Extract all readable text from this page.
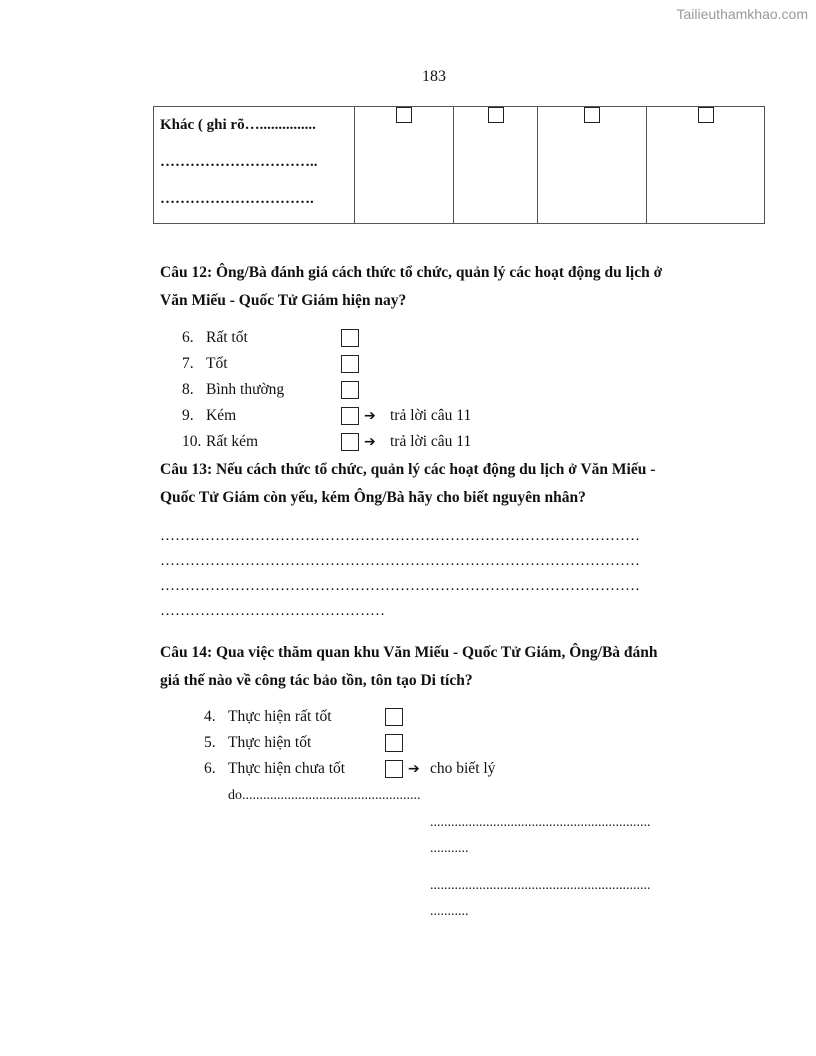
Tailieuthamkhao.com
183
Khác ( ghi rõ…...............
…………………………..
………………………….

Câu 12: Ông/Bà đánh giá cách thức tổ chức, quản lý các hoạt động du lịch ở
Văn Miếu - Quốc Tử Giám hiện nay?
6. Rất tốt
7. Tốt
8. Bình thường
9. Kém	➔ trả lời câu 11
10. Rất kém	➔ trả lời câu 11
Câu 13: Nếu cách thức tổ chức, quản lý các hoạt động du lịch ở Văn Miếu -
Quốc Tử Giám còn yếu, kém Ông/Bà hãy cho biết nguyên nhân?
……………………………………………………………………………………
……………………………………………………………………………………
……………………………………………………………………………………
………………………………………
Câu 14: Qua việc thăm quan khu Văn Miếu - Quốc Tử Giám, Ông/Bà đánh
giá thế nào về công tác bảo tồn, tôn tạo Di tích?
4. Thực hiện rất tốt
5. Thực hiện tốt
6. Thực hiện chưa tốt	➔ cho biết lý
do...................................................
...............................................................
...........
...............................................................
...........
